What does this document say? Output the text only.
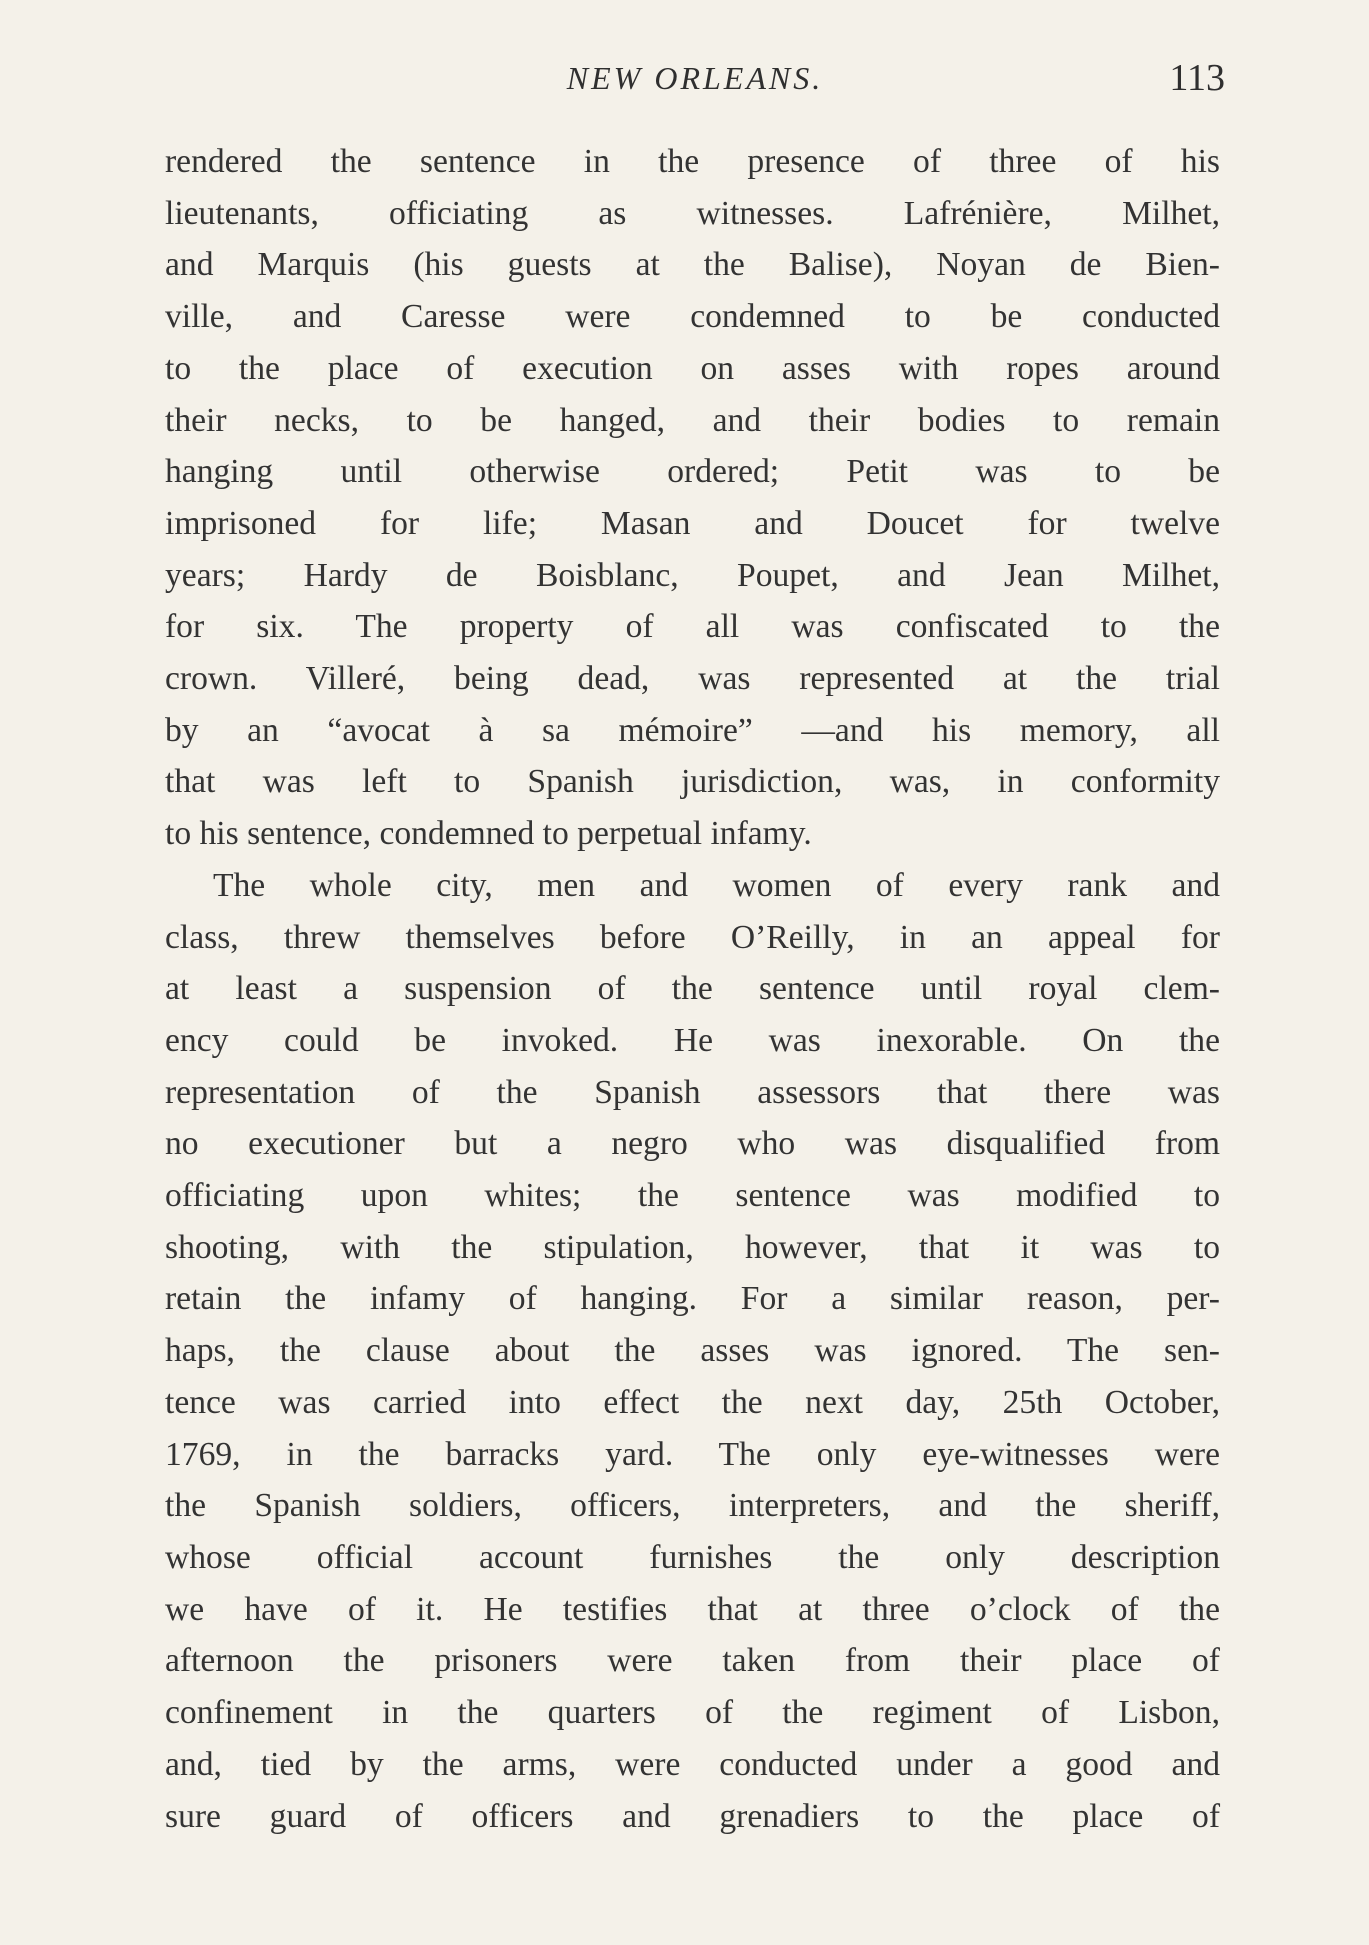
NEW ORLEANS.	113
rendered the sentence in the presence of three of his
lieutenants, officiating as witnesses. Lafrénière, Milhet,
and Marquis (his guests at the Balise), Noyan de Bien-
ville, and Caresse were condemned to be conducted
to the place of execution on asses with ropes around
their necks, to be hanged, and their bodies to remain
hanging until otherwise ordered; Petit was to be
imprisoned for life; Masan and Doucet for twelve
years; Hardy de Boisblanc, Poupet, and Jean Milhet,
for six. The property of all was confiscated to the
crown. Villeré, being dead, was represented at the trial
by an “avocat à sa mémoire” —and his memory, all
that was left to Spanish jurisdiction, was, in conformity
to his sentence, condemned to perpetual infamy.
The whole city, men and women of every rank and
class, threw themselves before O’Reilly, in an appeal for
at least a suspension of the sentence until royal clem-
ency could be invoked. He was inexorable. On the
representation of the Spanish assessors that there was
no executioner but a negro who was disqualified from
officiating upon whites; the sentence was modified to
shooting, with the stipulation, however, that it was to
retain the infamy of hanging. For a similar reason, per-
haps, the clause about the asses was ignored. The sen-
tence was carried into effect the next day, 25th October,
1769, in the barracks yard. The only eye-witnesses were
the Spanish soldiers, officers, interpreters, and the sheriff,
whose official account furnishes the only description
we have of it. He testifies that at three o’clock of the
afternoon the prisoners were taken from their place of
confinement in the quarters of the regiment of Lisbon,
and, tied by the arms, were conducted under a good and
sure guard of officers and grenadiers to the place of
